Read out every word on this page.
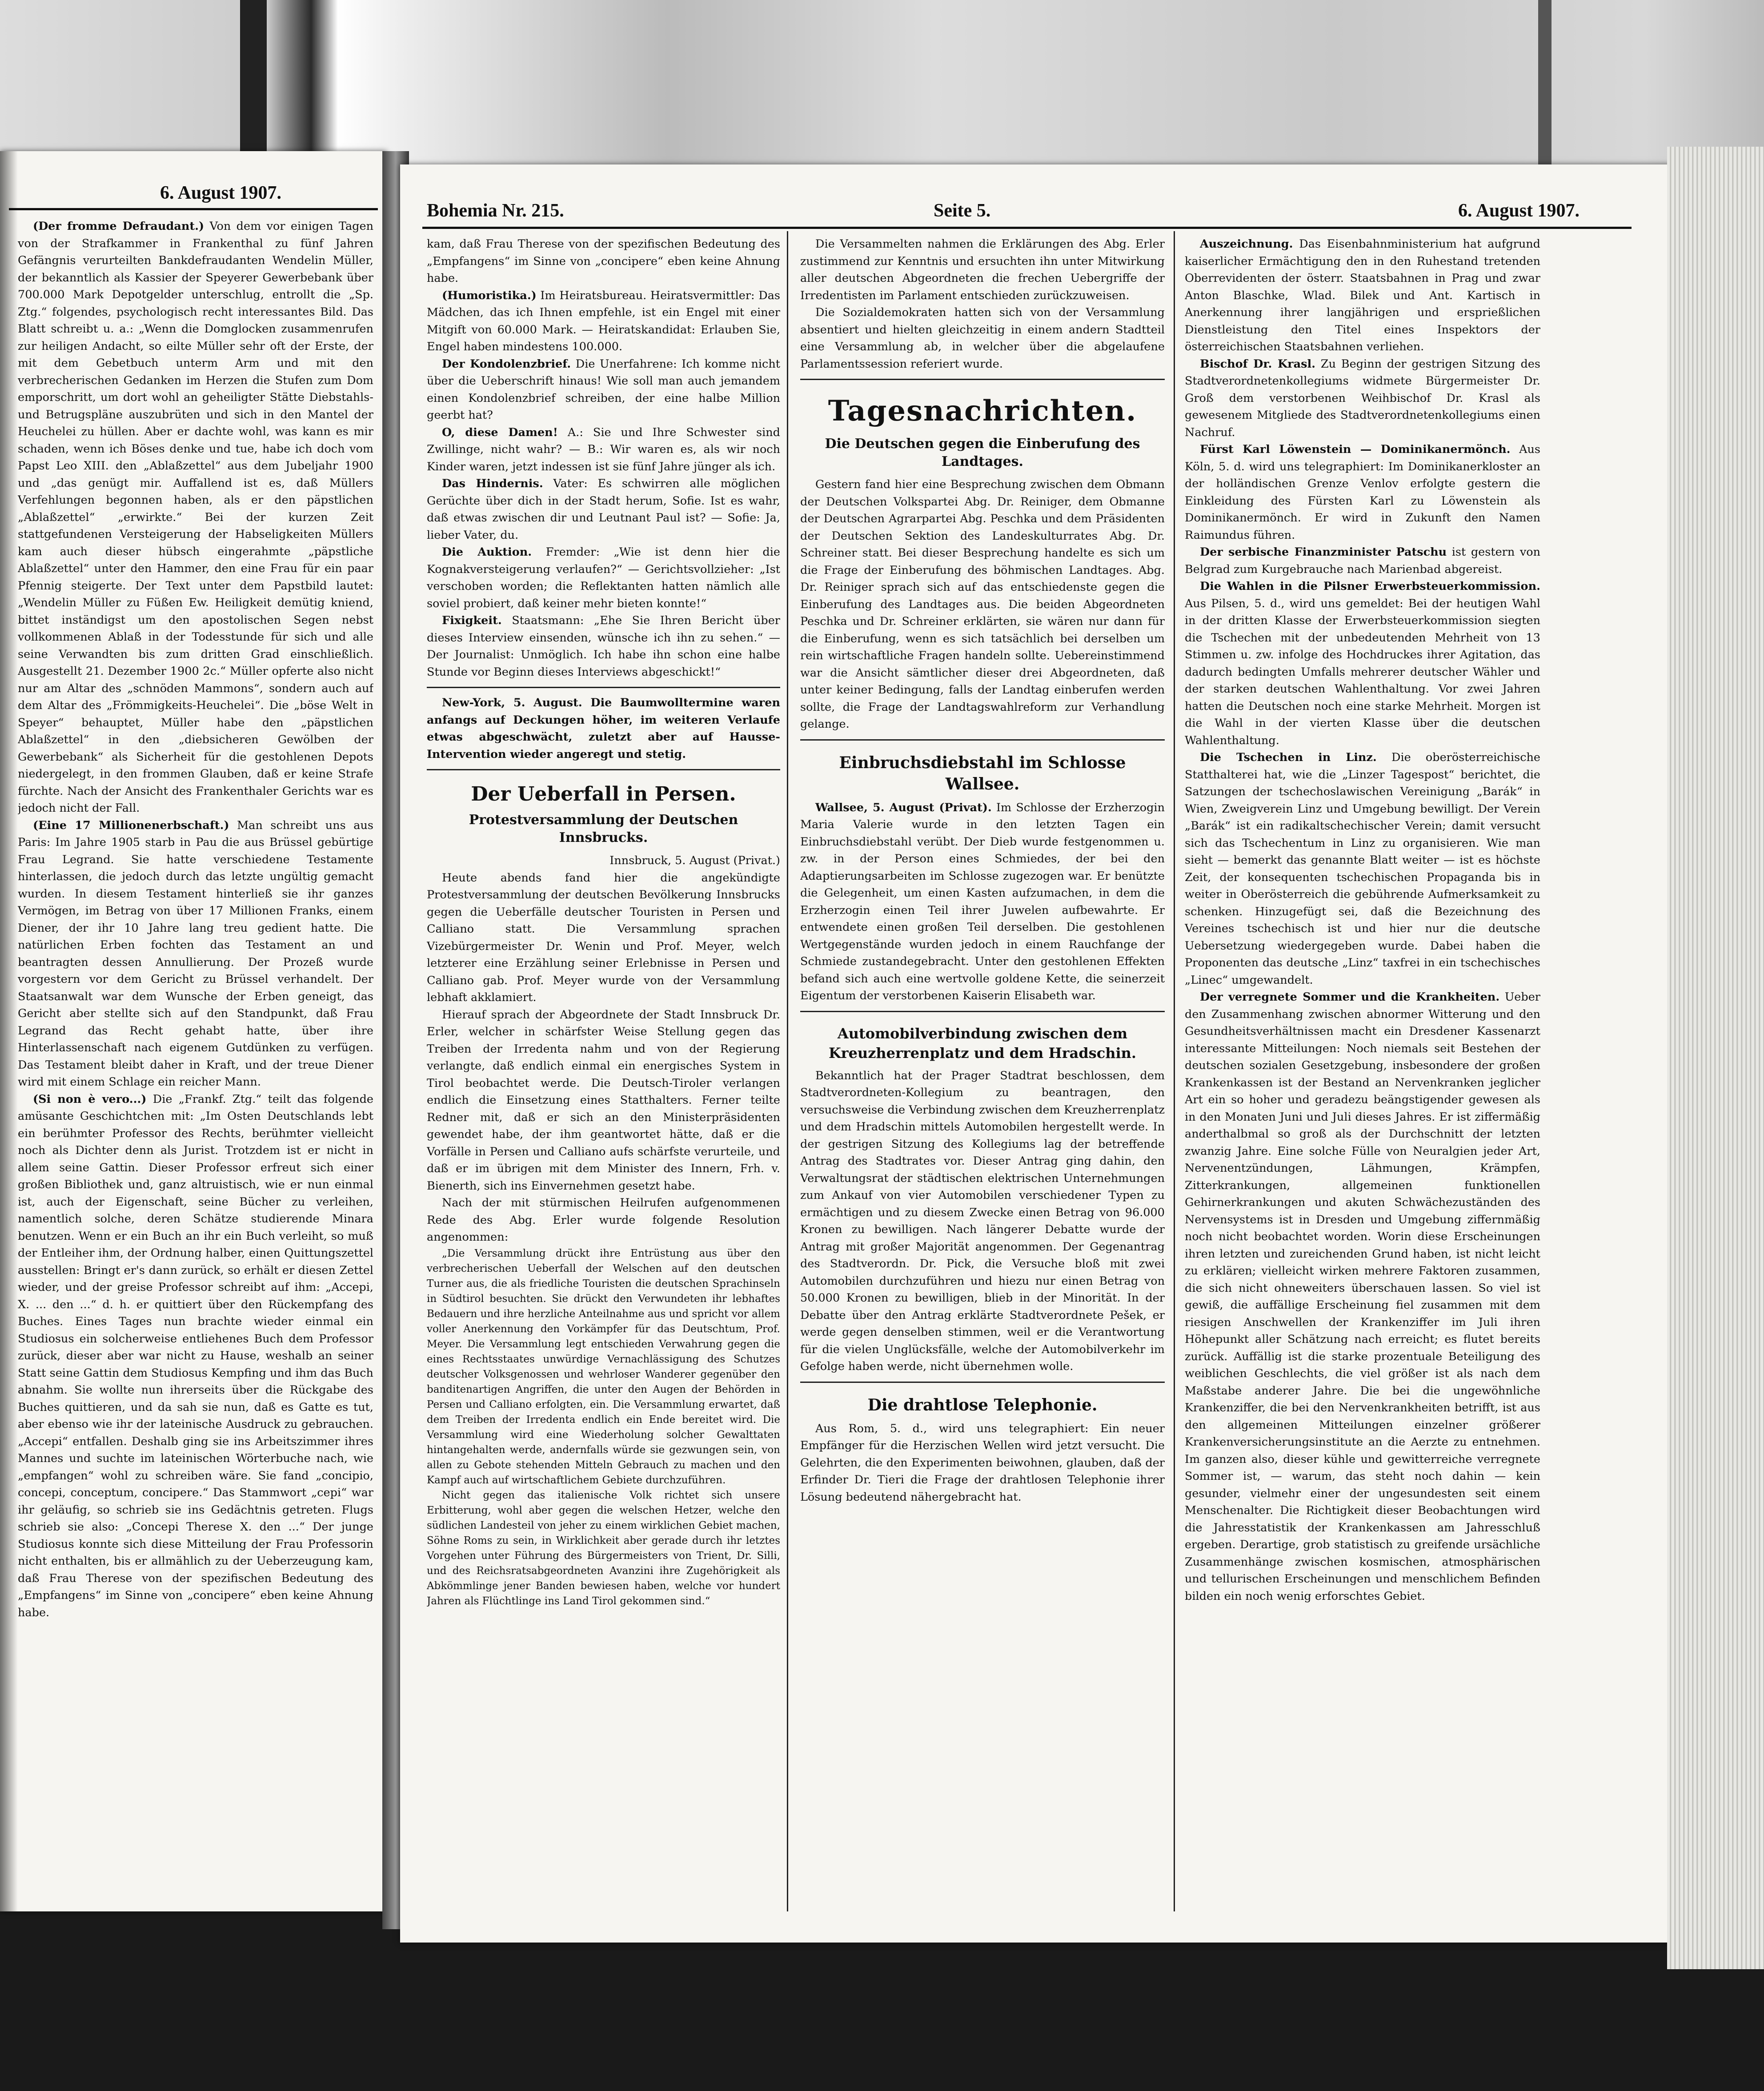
6. August 1907.

(Der fromme Defraudant.) Von dem vor einigen Tagen von der Strafkammer in Frankenthal zu fünf Jahren Gefängnis verurteilten Bankdefraudanten Wendelin Müller, der bekanntlich als Kassier der Speyerer Gewerbebank über 700.000 Mark Depotgelder unterschlug, entrollt die „Sp. Ztg.“ folgendes, psychologisch recht interessantes Bild. Das Blatt schreibt u. a.: „Wenn die Domglocken zusammenrufen zur heiligen Andacht, so eilte Müller sehr oft der Erste, der mit dem Gebetbuch unterm Arm und mit den verbrecherischen Gedanken im Herzen die Stufen zum Dom emporschritt, um dort wohl an geheiligter Stätte Diebstahls- und Betrugspläne auszubrüten und sich in den Mantel der Heuchelei zu hüllen. Aber er dachte wohl, was kann es mir schaden, wenn ich Böses denke und tue, habe ich doch vom Papst Leo XIII. den „Ablaßzettel“ aus dem Jubeljahr 1900 und „das genügt mir. Auffallend ist es, daß Müllers Verfehlungen begonnen haben, als er den päpstlichen „Ablaßzettel“ „erwirkte.“ Bei der kurzen Zeit stattgefundenen Versteigerung der Habseligkeiten Müllers kam auch dieser hübsch eingerahmte „päpstliche Ablaßzettel“ unter den Hammer, den eine Frau für ein paar Pfennig steigerte. Der Text unter dem Papstbild lautet: „Wendelin Müller zu Füßen Ew. Heiligkeit demütig kniend, bittet inständigst um den apostolischen Segen nebst vollkommenen Ablaß in der Todesstunde für sich und alle seine Verwandten bis zum dritten Grad einschließlich. Ausgestellt 21. Dezember 1900 2c.“ Müller opferte also nicht nur am Altar des „schnöden Mammons“, sondern auch auf dem Altar des „Frömmigkeits-Heuchelei“. Die „böse Welt in Speyer“ behauptet, Müller habe den „päpstlichen Ablaßzettel“ in den „diebsicheren Gewölben der Gewerbebank“ als Sicherheit für die gestohlenen Depots niedergelegt, in den frommen Glauben, daß er keine Strafe fürchte. Nach der Ansicht des Frankenthaler Gerichts war es jedoch nicht der Fall.

(Eine 17 Millionenerbschaft.) Man schreibt uns aus Paris: Im Jahre 1905 starb in Pau die aus Brüssel gebürtige Frau Legrand. Sie hatte verschiedene Testamente hinterlassen, die jedoch durch das letzte ungültig gemacht wurden. In diesem Testament hinterließ sie ihr ganzes Vermögen, im Betrag von über 17 Millionen Franks, einem Diener, der ihr 10 Jahre lang treu gedient hatte. Die natürlichen Erben fochten das Testament an und beantragten dessen Annullierung. Der Prozeß wurde vorgestern vor dem Gericht zu Brüssel verhandelt. Der Staatsanwalt war dem Wunsche der Erben geneigt, das Gericht aber stellte sich auf den Standpunkt, daß Frau Legrand das Recht gehabt hatte, über ihre Hinterlassenschaft nach eigenem Gutdünken zu verfügen. Das Testament bleibt daher in Kraft, und der treue Diener wird mit einem Schlage ein reicher Mann.

(Si non è vero...) Die „Frankf. Ztg.“ teilt das folgende amüsante Geschichtchen mit: „Im Osten Deutschlands lebt ein berühmter Professor des Rechts, berühmter vielleicht noch als Dichter denn als Jurist. Trotzdem ist er nicht in allem seine Gattin. Dieser Professor erfreut sich einer großen Bibliothek und, ganz altruistisch, wie er nun einmal ist, auch der Eigenschaft, seine Bücher zu verleihen, namentlich solche, deren Schätze studierende Minara benutzen. Wenn er ein Buch an ihr ein Buch verleiht, so muß der Entleiher ihm, der Ordnung halber, einen Quittungszettel ausstellen: Bringt er's dann zurück, so erhält er diesen Zettel wieder, und der greise Professor schreibt auf ihm: „Accepi, X. ... den ...“ d. h. er quittiert über den Rückempfang des Buches. Eines Tages nun brachte wieder einmal ein Studiosus ein solcherweise entliehenes Buch dem Professor zurück, dieser aber war nicht zu Hause, weshalb an seiner Statt seine Gattin dem Studiosus Kempfing und ihm das Buch abnahm. Sie wollte nun ihrerseits über die Rückgabe des Buches quittieren, und da sah sie nun, daß es Gatte es tut, aber ebenso wie ihr der lateinische Ausdruck zu gebrauchen. „Accepi“ entfallen. Deshalb ging sie ins Arbeitszimmer ihres Mannes und suchte im lateinischen Wörterbuche nach, wie „empfangen“ wohl zu schreiben wäre. Sie fand „concipio, concepi, conceptum, concipere.“ Das Stammwort „cepi“ war ihr geläufig, so schrieb sie ins Gedächtnis getreten. Flugs schrieb sie also: „Concepi Therese X. den ...“ Der junge Studiosus konnte sich diese Mitteilung der Frau Professorin nicht enthalten, bis er allmählich zu der Ueberzeugung kam, daß Frau Therese von der spezifischen Bedeutung des „Empfangens“ im Sinne von „concipere“ eben keine Ahnung habe.

Bohemia Nr. 215.	Seite 5.	6. August 1907.

kam, daß Frau Therese von der spezifischen Bedeutung des „Empfangens“ im Sinne von „concipere“ eben keine Ahnung habe.

(Humoristika.) Im Heiratsbureau. Heiratsvermittler: Das Mädchen, das ich Ihnen empfehle, ist ein Engel mit einer Mitgift von 60.000 Mark. — Heiratskandidat: Erlauben Sie, Engel haben mindestens 100.000.

Der Kondolenzbrief. Die Unerfahrene: Ich komme nicht über die Ueberschrift hinaus! Wie soll man auch jemandem einen Kondolenzbrief schreiben, der eine halbe Million geerbt hat?

O, diese Damen! A.: Sie und Ihre Schwester sind Zwillinge, nicht wahr? — B.: Wir waren es, als wir noch Kinder waren, jetzt indessen ist sie fünf Jahre jünger als ich.

Das Hindernis. Vater: Es schwirren alle möglichen Gerüchte über dich in der Stadt herum, Sofie. Ist es wahr, daß etwas zwischen dir und Leutnant Paul ist? — Sofie: Ja, lieber Vater, du.

Die Auktion. Fremder: „Wie ist denn hier die Kognakversteigerung verlaufen?“ — Gerichtsvollzieher: „Ist verschoben worden; die Reflektanten hatten nämlich alle soviel probiert, daß keiner mehr bieten konnte!“

Fixigkeit. Staatsmann: „Ehe Sie Ihren Bericht über dieses Interview einsenden, wünsche ich ihn zu sehen.“ — Der Journalist: Unmöglich. Ich habe ihn schon eine halbe Stunde vor Beginn dieses Interviews abgeschickt!“

New-York, 5. August. Die Baumwolltermine waren anfangs auf Deckungen höher, im weiteren Verlaufe etwas abgeschwächt, zuletzt aber auf Hausse-Intervention wieder angeregt und stetig.

Der Ueberfall in Persen.
Protestversammlung der Deutschen Innsbrucks.

Innsbruck, 5. August (Privat.)

Heute abends fand hier die angekündigte Protestversammlung der deutschen Bevölkerung Innsbrucks gegen die Ueberfälle deutscher Touristen in Persen und Calliano statt. Die Versammlung sprachen Vizebürgermeister Dr. Wenin und Prof. Meyer, welch letzterer eine Erzählung seiner Erlebnisse in Persen und Calliano gab. Prof. Meyer wurde von der Versammlung lebhaft akklamiert.

Hierauf sprach der Abgeordnete der Stadt Innsbruck Dr. Erler, welcher in schärfster Weise Stellung gegen das Treiben der Irredenta nahm und von der Regierung verlangte, daß endlich einmal ein energisches System in Tirol beobachtet werde. Die Deutsch-Tiroler verlangen endlich die Einsetzung eines Statthalters. Ferner teilte Redner mit, daß er sich an den Ministerpräsidenten gewendet habe, der ihm geantwortet hätte, daß er die Vorfälle in Persen und Calliano aufs schärfste verurteile, und daß er im übrigen mit dem Minister des Innern, Frh. v. Bienerth, sich ins Einvernehmen gesetzt habe.

Nach der mit stürmischen Heilrufen aufgenommenen Rede des Abg. Erler wurde folgende Resolution angenommen:

„Die Versammlung drückt ihre Entrüstung aus über den verbrecherischen Ueberfall der Welschen auf den deutschen Turner aus, die als friedliche Touristen die deutschen Sprachinseln in Südtirol besuchten. Sie drückt den Verwundeten ihr lebhaftes Bedauern und ihre herzliche Anteilnahme aus und spricht vor allem voller Anerkennung den Vorkämpfer für das Deutschtum, Prof. Meyer. Die Versammlung legt entschieden Verwahrung gegen die eines Rechtsstaates unwürdige Vernachlässigung des Schutzes deutscher Volksgenossen und wehrloser Wanderer gegenüber den banditenartigen Angriffen, die unter den Augen der Behörden in Persen und Calliano erfolgten, ein. Die Versammlung erwartet, daß dem Treiben der Irredenta endlich ein Ende bereitet wird. Die Versammlung wird eine Wiederholung solcher Gewalttaten hintangehalten werde, andernfalls würde sie gezwungen sein, von allen zu Gebote stehenden Mitteln Gebrauch zu machen und den Kampf auch auf wirtschaftlichem Gebiete durchzuführen.

Nicht gegen das italienische Volk richtet sich unsere Erbitterung, wohl aber gegen die welschen Hetzer, welche den südlichen Landesteil von jeher zu einem wirklichen Gebiet machen, Söhne Roms zu sein, in Wirklichkeit aber gerade durch ihr letztes Vorgehen unter Führung des Bürgermeisters von Trient, Dr. Silli, und des Reichsratsabgeordneten Avanzini ihre Zugehörigkeit als Abkömmlinge jener Banden bewiesen haben, welche vor hundert Jahren als Flüchtlinge ins Land Tirol gekommen sind.“

Die Versammelten nahmen die Erklärungen des Abg. Erler zustimmend zur Kenntnis und ersuchten ihn unter Mitwirkung aller deutschen Abgeordneten die frechen Uebergriffe der Irredentisten im Parlament entschieden zurückzuweisen.

Die Sozialdemokraten hatten sich von der Versammlung absentiert und hielten gleichzeitig in einem andern Stadtteil eine Versammlung ab, in welcher über die abgelaufene Parlamentssession referiert wurde.

Tagesnachrichten.
Die Deutschen gegen die Einberufung des Landtages.

Gestern fand hier eine Besprechung zwischen dem Obmann der Deutschen Volkspartei Abg. Dr. Reiniger, dem Obmanne der Deutschen Agrarpartei Abg. Peschka und dem Präsidenten der Deutschen Sektion des Landeskulturrates Abg. Dr. Schreiner statt. Bei dieser Besprechung handelte es sich um die Frage der Einberufung des böhmischen Landtages. Abg. Dr. Reiniger sprach sich auf das entschiedenste gegen die Einberufung des Landtages aus. Die beiden Abgeordneten Peschka und Dr. Schreiner erklärten, sie wären nur dann für die Einberufung, wenn es sich tatsächlich bei derselben um rein wirtschaftliche Fragen handeln sollte. Uebereinstimmend war die Ansicht sämtlicher dieser drei Abgeordneten, daß unter keiner Bedingung, falls der Landtag einberufen werden sollte, die Frage der Landtagswahlreform zur Verhandlung gelange.

Einbruchsdiebstahl im Schlosse Wallsee.

Wallsee, 5. August (Privat). Im Schlosse der Erzherzogin Maria Valerie wurde in den letzten Tagen ein Einbruchsdiebstahl verübt. Der Dieb wurde festgenommen u. zw. in der Person eines Schmiedes, der bei den Adaptierungsarbeiten im Schlosse zugezogen war. Er benützte die Gelegenheit, um einen Kasten aufzumachen, in dem die Erzherzogin einen Teil ihrer Juwelen aufbewahrte. Er entwendete einen großen Teil derselben. Die gestohlenen Wertgegenstände wurden jedoch in einem Rauchfange der Schmiede zustandegebracht. Unter den gestohlenen Effekten befand sich auch eine wertvolle goldene Kette, die seinerzeit Eigentum der verstorbenen Kaiserin Elisabeth war.

Automobilverbindung zwischen dem Kreuzherrenplatz und dem Hradschin.

Bekanntlich hat der Prager Stadtrat beschlossen, dem Stadtverordneten-Kollegium zu beantragen, den versuchsweise die Verbindung zwischen dem Kreuzherrenplatz und dem Hradschin mittels Automobilen hergestellt werde. In der gestrigen Sitzung des Kollegiums lag der betreffende Antrag des Stadtrates vor. Dieser Antrag ging dahin, den Verwaltungsrat der städtischen elektrischen Unternehmungen zum Ankauf von vier Automobilen verschiedener Typen zu ermächtigen und zu diesem Zwecke einen Betrag von 96.000 Kronen zu bewilligen. Nach längerer Debatte wurde der Antrag mit großer Majorität angenommen. Der Gegenantrag des Stadtverordn. Dr. Pick, die Versuche bloß mit zwei Automobilen durchzuführen und hiezu nur einen Betrag von 50.000 Kronen zu bewilligen, blieb in der Minorität. In der Debatte über den Antrag erklärte Stadtverordnete Pešek, er werde gegen denselben stimmen, weil er die Verantwortung für die vielen Unglücksfälle, welche der Automobilverkehr im Gefolge haben werde, nicht übernehmen wolle.

Die drahtlose Telephonie.

Aus Rom, 5. d., wird uns telegraphiert: Ein neuer Empfänger für die Herzischen Wellen wird jetzt versucht. Die Gelehrten, die den Experimenten beiwohnen, glauben, daß der Erfinder Dr. Tieri die Frage der drahtlosen Telephonie ihrer Lösung bedeutend nähergebracht hat.

Auszeichnung. Das Eisenbahnministerium hat aufgrund kaiserlicher Ermächtigung den in den Ruhestand tretenden Oberrevidenten der österr. Staatsbahnen in Prag und zwar Anton Blaschke, Wlad. Bilek und Ant. Kartisch in Anerkennung ihrer langjährigen und ersprießlichen Dienstleistung den Titel eines Inspektors der österreichischen Staatsbahnen verliehen.

Bischof Dr. Krasl. Zu Beginn der gestrigen Sitzung des Stadtverordnetenkollegiums widmete Bürgermeister Dr. Groß dem verstorbenen Weihbischof Dr. Krasl als gewesenem Mitgliede des Stadtverordnetenkollegiums einen Nachruf.

Fürst Karl Löwenstein — Dominikanermönch. Aus Köln, 5. d. wird uns telegraphiert: Im Dominikanerkloster an der holländischen Grenze Venlov erfolgte gestern die Einkleidung des Fürsten Karl zu Löwenstein als Dominikanermönch. Er wird in Zukunft den Namen Raimundus führen.

Der serbische Finanzminister Patschu ist gestern von Belgrad zum Kurgebrauche nach Marienbad abgereist.

Die Wahlen in die Pilsner Erwerbsteuerkommission. Aus Pilsen, 5. d., wird uns gemeldet: Bei der heutigen Wahl in der dritten Klasse der Erwerbsteuerkommission siegten die Tschechen mit der unbedeutenden Mehrheit von 13 Stimmen u. zw. infolge des Hochdruckes ihrer Agitation, das dadurch bedingten Umfalls mehrerer deutscher Wähler und der starken deutschen Wahlenthaltung. Vor zwei Jahren hatten die Deutschen noch eine starke Mehrheit. Morgen ist die Wahl in der vierten Klasse über die deutschen Wahlenthaltung.

Die Tschechen in Linz. Die oberösterreichische Statthalterei hat, wie die „Linzer Tagespost“ berichtet, die Satzungen der tschechoslawischen Vereinigung „Barák“ in Wien, Zweigverein Linz und Umgebung bewilligt. Der Verein „Barák“ ist ein radikaltschechischer Verein; damit versucht sich das Tschechentum in Linz zu organisieren. Wie man sieht — bemerkt das genannte Blatt weiter — ist es höchste Zeit, der konsequenten tschechischen Propaganda bis in weiter in Oberösterreich die gebührende Aufmerksamkeit zu schenken. Hinzugefügt sei, daß die Bezeichnung des Vereines tschechisch ist und hier nur die deutsche Uebersetzung wiedergegeben wurde. Dabei haben die Proponenten das deutsche „Linz“ taxfrei in ein tschechisches „Linec“ umgewandelt.

Der verregnete Sommer und die Krankheiten. Ueber den Zusammenhang zwischen abnormer Witterung und den Gesundheitsverhältnissen macht ein Dresdener Kassenarzt interessante Mitteilungen: Noch niemals seit Bestehen der deutschen sozialen Gesetzgebung, insbesondere der großen Krankenkassen ist der Bestand an Nervenkranken jeglicher Art ein so hoher und geradezu beängstigender gewesen als in den Monaten Juni und Juli dieses Jahres. Er ist ziffermäßig anderthalbmal so groß als der Durchschnitt der letzten zwanzig Jahre. Eine solche Fülle von Neuralgien jeder Art, Nervenentzündungen, Lähmungen, Krämpfen, Zitterkrankungen, allgemeinen funktionellen Gehirnerkrankungen und akuten Schwächezuständen des Nervensystems ist in Dresden und Umgebung ziffernmäßig noch nicht beobachtet worden. Worin diese Erscheinungen ihren letzten und zureichenden Grund haben, ist nicht leicht zu erklären; vielleicht wirken mehrere Faktoren zusammen, die sich nicht ohneweiters überschauen lassen. So viel ist gewiß, die auffällige Erscheinung fiel zusammen mit dem riesigen Anschwellen der Krankenziffer im Juli ihren Höhepunkt aller Schätzung nach erreicht; es flutet bereits zurück. Auffällig ist die starke prozentuale Beteiligung des weiblichen Geschlechts, die viel größer ist als nach dem Maßstabe anderer Jahre. Die bei die ungewöhnliche Krankenziffer, die bei den Nervenkrankheiten betrifft, ist aus den allgemeinen Mitteilungen einzelner größerer Krankenversicherungsinstitute an die Aerzte zu entnehmen. Im ganzen also, dieser kühle und gewitterreiche verregnete Sommer ist, — warum, das steht noch dahin — kein gesunder, vielmehr einer der ungesundesten seit einem Menschenalter. Die Richtigkeit dieser Beobachtungen wird die Jahresstatistik der Krankenkassen am Jahresschluß ergeben. Derartige, grob statistisch zu greifende ursächliche Zusammenhänge zwischen kosmischen, atmosphärischen und tellurischen Erscheinungen und menschlichem Befinden bilden ein noch wenig erforschtes Gebiet.
